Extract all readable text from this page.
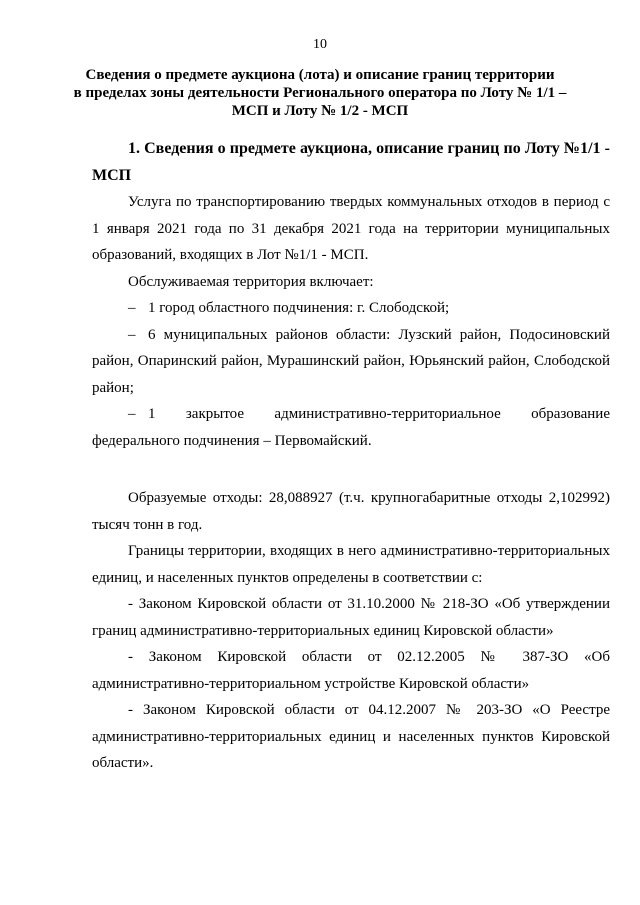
10
Сведения о предмете аукциона (лота) и описание границ территории
в пределах зоны деятельности Регионального оператора по Лоту № 1/1 –
МСП и Лоту № 1/2 - МСП

1. Сведения о предмете аукциона, описание границ по Лоту №1/1 - МСП

Услуга по транспортированию твердых коммунальных отходов в период с 1 января 2021 года по 31 декабря 2021 года на территории муниципальных образований, входящих в Лот №1/1 - МСП.

Обслуживаемая территория включает:

–

1 город областного подчинения: г. Слободской;

– 6 муниципальных районов области: Лузский район, Подосиновский район, Опаринский район, Мурашинский район, Юрьянский район, Слободской район;

– 1 закрытое административно-территориальное образование федерального подчинения – Первомайский.

Образуемые отходы: 28,088927 (т.ч. крупногабаритные отходы 2,102992) тысяч тонн в год.

Границы территории, входящих в него административно-территориальных единиц, и населенных пунктов определены в соответствии с:

- Законом Кировской области от 31.10.2000 № 218-ЗО «Об утверждении границ административно-территориальных единиц Кировской области»

- Законом Кировской области от 02.12.2005 № 387-ЗО «Об административно-территориальном устройстве Кировской области»

- Законом Кировской области от 04.12.2007 № 203-ЗО «О Реестре административно-территориальных единиц и населенных пунктов Кировской области».
